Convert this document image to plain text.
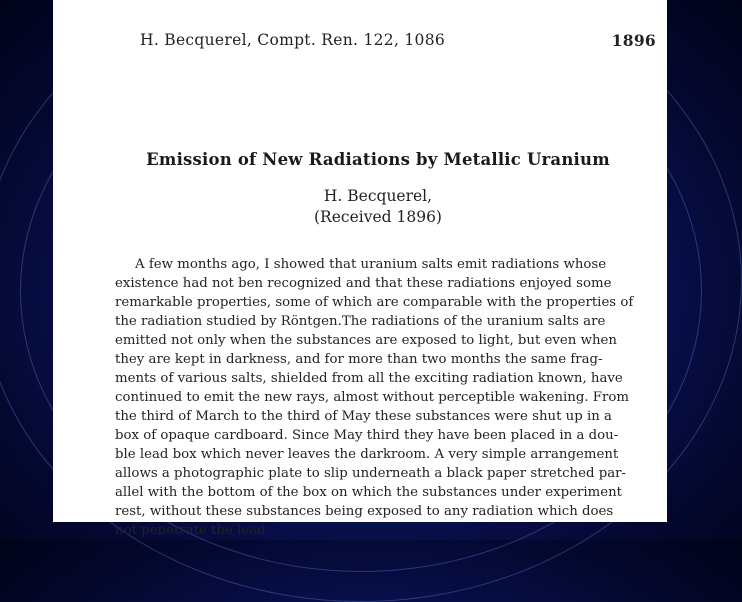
H. Becquerel, Compt. Ren. 122, 1086	1896
Emission of New Radiations by Metallic Uranium
H. Becquerel,
(Received 1896)
A few months ago, I showed that uranium salts emit radiations whose
existence had not ben recognized and that these radiations enjoyed some
remarkable properties, some of which are comparable with the properties of
the radiation studied by Röntgen.The radiations of the uranium salts are
emitted not only when the substances are exposed to light, but even when
they are kept in darkness, and for more than two months the same frag-
ments of various salts, shielded from all the exciting radiation known, have
continued to emit the new rays, almost without perceptible wakening. From
the third of March to the third of May these substances were shut up in a
box of opaque cardboard. Since May third they have been placed in a dou-
ble lead box which never leaves the darkroom. A very simple arrangement
allows a photographic plate to slip underneath a black paper stretched par-
allel with the bottom of the box on which the substances under experiment
rest, without these substances being exposed to any radiation which does
not penetrate the lead.
